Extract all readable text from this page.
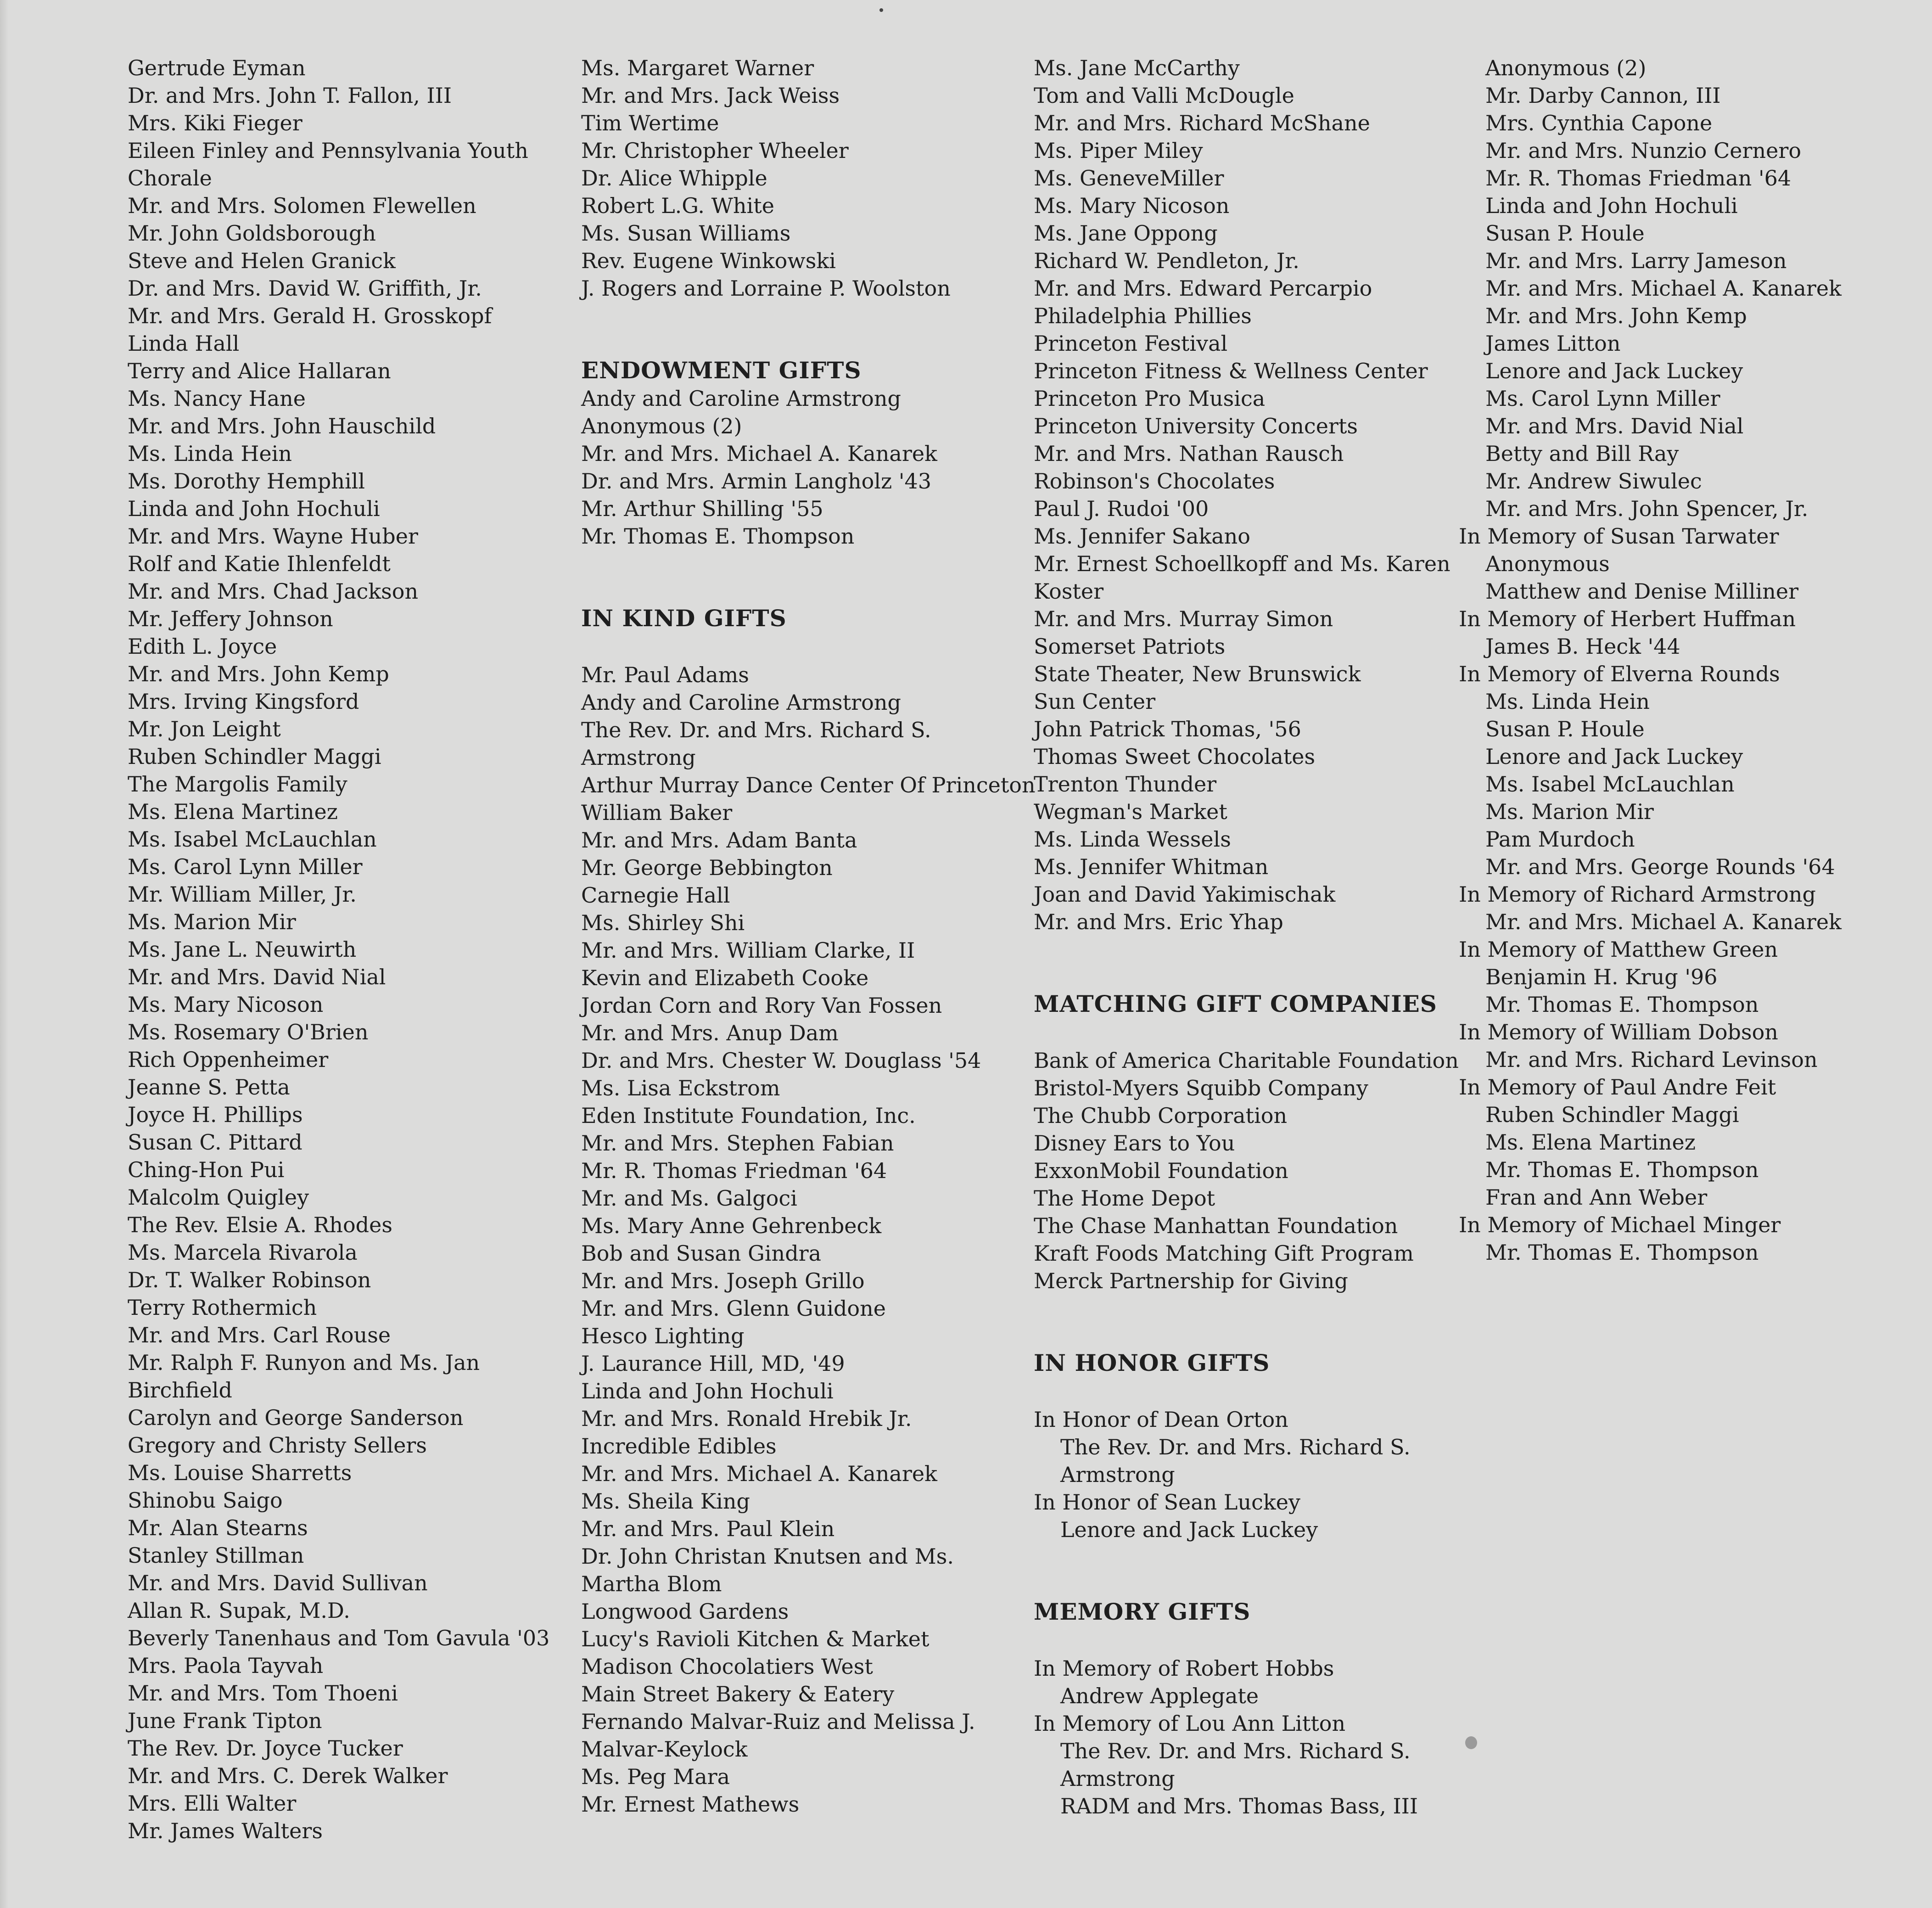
Gertrude Eyman
Dr. and Mrs. John T. Fallon, III
Mrs. Kiki Fieger
Eileen Finley and Pennsylvania Youth
Chorale
Mr. and Mrs. Solomen Flewellen
Mr. John Goldsborough
Steve and Helen Granick
Dr. and Mrs. David W. Griffith, Jr.
Mr. and Mrs. Gerald H. Grosskopf
Linda Hall
Terry and Alice Hallaran
Ms. Nancy Hane
Mr. and Mrs. John Hauschild
Ms. Linda Hein
Ms. Dorothy Hemphill
Linda and John Hochuli
Mr. and Mrs. Wayne Huber
Rolf and Katie Ihlenfeldt
Mr. and Mrs. Chad Jackson
Mr. Jeffery Johnson
Edith L. Joyce
Mr. and Mrs. John Kemp
Mrs. Irving Kingsford
Mr. Jon Leight
Ruben Schindler Maggi
The Margolis Family
Ms. Elena Martinez
Ms. Isabel McLauchlan
Ms. Carol Lynn Miller
Mr. William Miller, Jr.
Ms. Marion Mir
Ms. Jane L. Neuwirth
Mr. and Mrs. David Nial
Ms. Mary Nicoson
Ms. Rosemary O'Brien
Rich Oppenheimer
Jeanne S. Petta
Joyce H. Phillips
Susan C. Pittard
Ching-Hon Pui
Malcolm Quigley
The Rev. Elsie A. Rhodes
Ms. Marcela Rivarola
Dr. T. Walker Robinson
Terry Rothermich
Mr. and Mrs. Carl Rouse
Mr. Ralph F. Runyon and Ms. Jan
Birchfield
Carolyn and George Sanderson
Gregory and Christy Sellers
Ms. Louise Sharretts
Shinobu Saigo
Mr. Alan Stearns
Stanley Stillman
Mr. and Mrs. David Sullivan
Allan R. Supak, M.D.
Beverly Tanenhaus and Tom Gavula '03
Mrs. Paola Tayvah
Mr. and Mrs. Tom Thoeni
June Frank Tipton
The Rev. Dr. Joyce Tucker
Mr. and Mrs. C. Derek Walker
Mrs. Elli Walter
Mr. James Walters
Ms. Margaret Warner
Mr. and Mrs. Jack Weiss
Tim Wertime
Mr. Christopher Wheeler
Dr. Alice Whipple
Robert L.G. White
Ms. Susan Williams
Rev. Eugene Winkowski
J. Rogers and Lorraine P. Woolston
ENDOWMENT GIFTS
Andy and Caroline Armstrong
Anonymous (2)
Mr. and Mrs. Michael A. Kanarek
Dr. and Mrs. Armin Langholz '43
Mr. Arthur Shilling '55
Mr. Thomas E. Thompson
IN KIND GIFTS
Mr. Paul Adams
Andy and Caroline Armstrong
The Rev. Dr. and Mrs. Richard S.
Armstrong
Arthur Murray Dance Center Of Princeton
William Baker
Mr. and Mrs. Adam Banta
Mr. George Bebbington
Carnegie Hall
Ms. Shirley Shi
Mr. and Mrs. William Clarke, II
Kevin and Elizabeth Cooke
Jordan Corn and Rory Van Fossen
Mr. and Mrs. Anup Dam
Dr. and Mrs. Chester W. Douglass '54
Ms. Lisa Eckstrom
Eden Institute Foundation, Inc.
Mr. and Mrs. Stephen Fabian
Mr. R. Thomas Friedman '64
Mr. and Ms. Galgoci
Ms. Mary Anne Gehrenbeck
Bob and Susan Gindra
Mr. and Mrs. Joseph Grillo
Mr. and Mrs. Glenn Guidone
Hesco Lighting
J. Laurance Hill, MD, '49
Linda and John Hochuli
Mr. and Mrs. Ronald Hrebik Jr.
Incredible Edibles
Mr. and Mrs. Michael A. Kanarek
Ms. Sheila King
Mr. and Mrs. Paul Klein
Dr. John Christan Knutsen and Ms.
Martha Blom
Longwood Gardens
Lucy's Ravioli Kitchen & Market
Madison Chocolatiers West
Main Street Bakery & Eatery
Fernando Malvar-Ruiz and Melissa J.
Malvar-Keylock
Ms. Peg Mara
Mr. Ernest Mathews
Ms. Jane McCarthy
Tom and Valli McDougle
Mr. and Mrs. Richard McShane
Ms. Piper Miley
Ms. GeneveMiller
Ms. Mary Nicoson
Ms. Jane Oppong
Richard W. Pendleton, Jr.
Mr. and Mrs. Edward Percarpio
Philadelphia Phillies
Princeton Festival
Princeton Fitness & Wellness Center
Princeton Pro Musica
Princeton University Concerts
Mr. and Mrs. Nathan Rausch
Robinson's Chocolates
Paul J. Rudoi '00
Ms. Jennifer Sakano
Mr. Ernest Schoellkopff and Ms. Karen
Koster
Mr. and Mrs. Murray Simon
Somerset Patriots
State Theater, New Brunswick
Sun Center
John Patrick Thomas, '56
Thomas Sweet Chocolates
Trenton Thunder
Wegman's Market
Ms. Linda Wessels
Ms. Jennifer Whitman
Joan and David Yakimischak
Mr. and Mrs. Eric Yhap
MATCHING GIFT COMPANIES
Bank of America Charitable Foundation
Bristol-Myers Squibb Company
The Chubb Corporation
Disney Ears to You
ExxonMobil Foundation
The Home Depot
The Chase Manhattan Foundation
Kraft Foods Matching Gift Program
Merck Partnership for Giving
IN HONOR GIFTS
In Honor of Dean Orton
The Rev. Dr. and Mrs. Richard S.
Armstrong
In Honor of Sean Luckey
Lenore and Jack Luckey
MEMORY GIFTS
In Memory of Robert Hobbs
Andrew Applegate
In Memory of Lou Ann Litton
The Rev. Dr. and Mrs. Richard S.
Armstrong
RADM and Mrs. Thomas Bass, III
Anonymous (2)
Mr. Darby Cannon, III
Mrs. Cynthia Capone
Mr. and Mrs. Nunzio Cernero
Mr. R. Thomas Friedman '64
Linda and John Hochuli
Susan P. Houle
Mr. and Mrs. Larry Jameson
Mr. and Mrs. Michael A. Kanarek
Mr. and Mrs. John Kemp
James Litton
Lenore and Jack Luckey
Ms. Carol Lynn Miller
Mr. and Mrs. David Nial
Betty and Bill Ray
Mr. Andrew Siwulec
Mr. and Mrs. John Spencer, Jr.
In Memory of Susan Tarwater
Anonymous
Matthew and Denise Milliner
In Memory of Herbert Huffman
James B. Heck '44
In Memory of Elverna Rounds
Ms. Linda Hein
Susan P. Houle
Lenore and Jack Luckey
Ms. Isabel McLauchlan
Ms. Marion Mir
Pam Murdoch
Mr. and Mrs. George Rounds '64
In Memory of Richard Armstrong
Mr. and Mrs. Michael A. Kanarek
In Memory of Matthew Green
Benjamin H. Krug '96
Mr. Thomas E. Thompson
In Memory of William Dobson
Mr. and Mrs. Richard Levinson
In Memory of Paul Andre Feit
Ruben Schindler Maggi
Ms. Elena Martinez
Mr. Thomas E. Thompson
Fran and Ann Weber
In Memory of Michael Minger
Mr. Thomas E. Thompson
